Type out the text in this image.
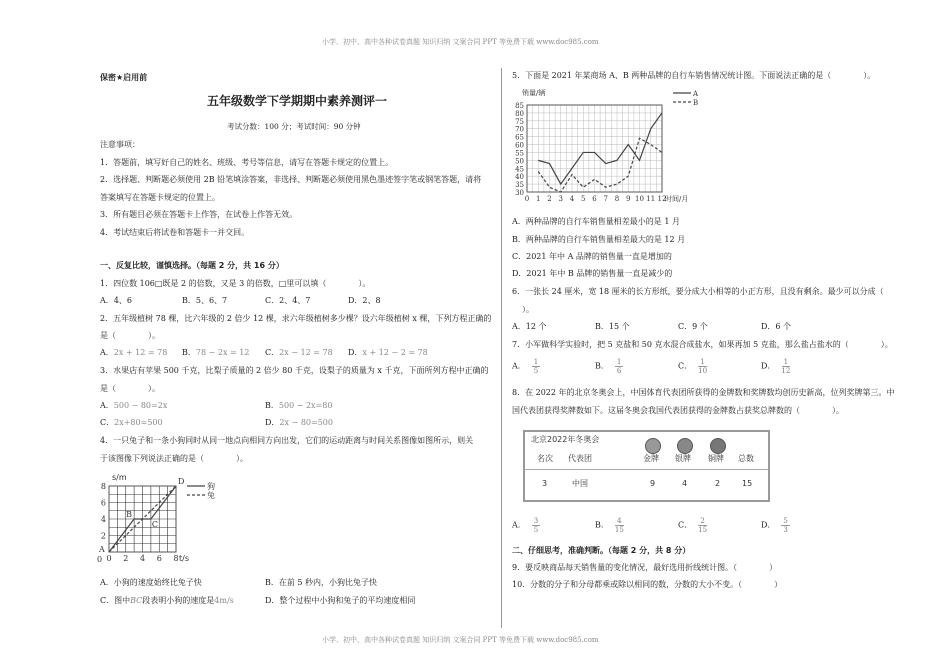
小学、初中、高中各种试卷真题 知识归纳 文案合同 PPT 等免费下载 www.doc985.com
保密★启用前
五年级数学下学期期中素养测评一
考试分数：100 分；考试时间：90 分钟
注意事项：
1．答题前，填写好自己的姓名、班级、考号等信息，请写在答题卡规定的位置上。
2．选择题、判断题必须使用 2B 铅笔填涂答案，非选择、判断题必须使用黑色墨迹签字笔或钢笔答题，请将
答案填写在答题卡规定的位置上。
3．所有题目必须在答题卡上作答，在试卷上作答无效。
4．考试结束后将试卷和答题卡一并交回。
一、反复比较，谨慎选择。（每题 2 分，共 16 分）
1．四位数 106□既是 2 的倍数，又是 3 的倍数，□里可以填（　　　　）。
A．4、6	B．5、6、7	C．2、4、7	D．2、8
2．五年级植树 78 棵，比六年级的 2 倍少 12 棵，求六年级植树多少棵？设六年级植树 x 棵，下列方程正确的
是（　　　　）。
A．2x + 12 = 78 B．78 − 2x = 12 C．2x − 12 = 78 D．x + 12 − 2 = 78
3．水果店有苹果 500 千克，比梨子质量的 2 倍少 80 千克，设梨子的质量为 x 千克，下面所列方程中正确的
是（　　　　）。
A．500 − 80=2x	B．500 − 2x=80
C．2x+80=500	D．2x − 80=500
4．一只兔子和一条小狗同时从同一地点向相同方向出发，它们的运动距离与时间关系图像如图所示，则关
于该图像下列说法正确的是（　　　　）。
0 2 4 6 8
2
4
6
8
s/m
t/s
狗
兔
A
B
C
D
0
A．小狗的速度始终比兔子快	B．在前 5 秒内，小狗比兔子快
C．图中BC段表明小狗的速度是4m/s	D．整个过程中小狗和兔子的平均速度相同
5．下面是 2021 年某商场 A、B 两种品牌的自行车销售情况统计图。下面说法正确的是（　　　　）。
0 1 2 3 4 5 6 7 8 9 10 11 12
30
35
40
45
50
55
60
65
70
75
80
85
销量/辆
时间/月
A
B
A．两种品牌的自行车销售量相差最小的是 1 月
B．两种品牌的自行车销售量相差最大的是 12 月
C．2021 年中 A 品牌的销售量一直是增加的
D．2021 年中 B 品牌的销售量一直是减少的
6．一张长 24 厘米，宽 18 厘米的长方形纸，要分成大小相等的小正方形，且没有剩余。最少可以分成（
）。
A．12 个	B．15 个	C．9 个	D．6 个
7．小军做科学实验时，把 5 克盐和 50 克水混合成盐水，如果再加 5 克盐，那么盐占盐水的（　　　　）。
A． $\frac{1}{5}$	B． $\frac{1}{6}$	C． $\frac{1}{10}$	D． $\frac{1}{12}$
8．在 2022 年的北京冬奥会上，中国体育代表团所获得的金牌数和奖牌数均创历史新高，位列奖牌第三。中
国代表团获得奖牌数如下。这届冬奥会我国代表团获得的金牌数占获奖总牌数的（　　　　）。
北京2022年冬奥会
名次 代表团	金牌 银牌 铜牌 总数
3	中国	9	4	2	15
A． $\frac{3}{5}$	B． $\frac{4}{15}$	C． $\frac{2}{15}$	D． $\frac{5}{3}$
二、仔细思考，准确判断。（每题 2 分，共 8 分）
9．要反映商品每天销售量的变化情况，最好选用折线统计图。（　　　　）
10．分数的分子和分母都乘或除以相同的数，分数的大小不变。（　　　　）
小学、初中、高中各种试卷真题 知识归纳 文案合同 PPT 等免费下载 www.doc985.com
